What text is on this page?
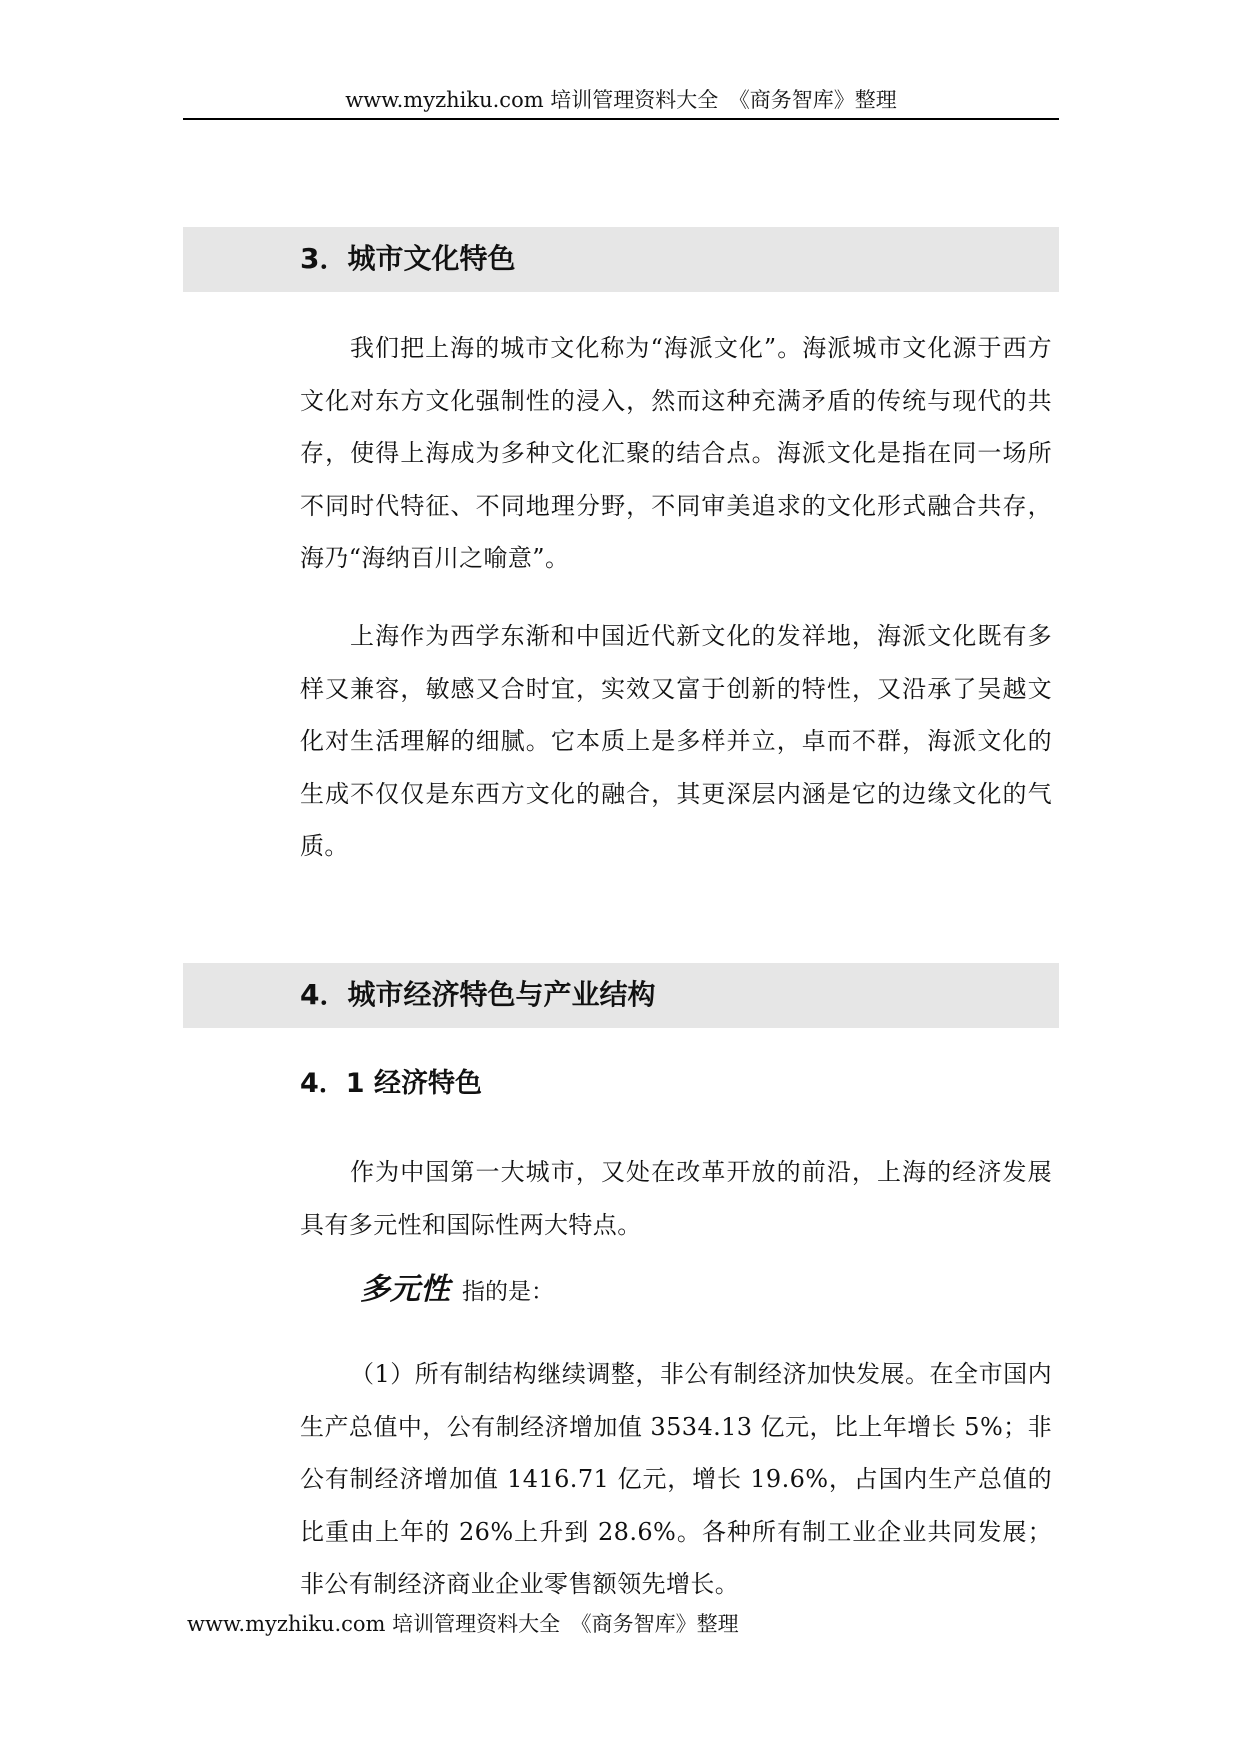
www.myzhiku.com 培训管理资料大全　《商务智库》整理
3．城市文化特色

我们把上海的城市文化称为“海派文化”。海派城市文化源于西方文化对东方文化强制性的浸入，然而这种充满矛盾的传统与现代的共存，使得上海成为多种文化汇聚的结合点。海派文化是指在同一场所不同时代特征、不同地理分野，不同审美追求的文化形式融合共存，海乃“海纳百川之喻意”。

上海作为西学东渐和中国近代新文化的发祥地，海派文化既有多样又兼容，敏感又合时宜，实效又富于创新的特性，又沿承了吴越文化对生活理解的细腻。它本质上是多样并立，卓而不群，海派文化的生成不仅仅是东西方文化的融合，其更深层内涵是它的边缘文化的气质。

4．城市经济特色与产业结构
4．1 经济特色

作为中国第一大城市，又处在改革开放的前沿，上海的经济发展具有多元性和国际性两大特点。

多元性 指的是：

（1）所有制结构继续调整，非公有制经济加快发展。在全市国内生产总值中，公有制经济增加值 3534.13 亿元，比上年增长 5%；非公有制经济增加值 1416.71 亿元，增长 19.6%，占国内生产总值的比重由上年的 26%上升到 28.6%。各种所有制工业企业共同发展；非公有制经济商业企业零售额领先增长。

www.myzhiku.com 培训管理资料大全　《商务智库》整理
